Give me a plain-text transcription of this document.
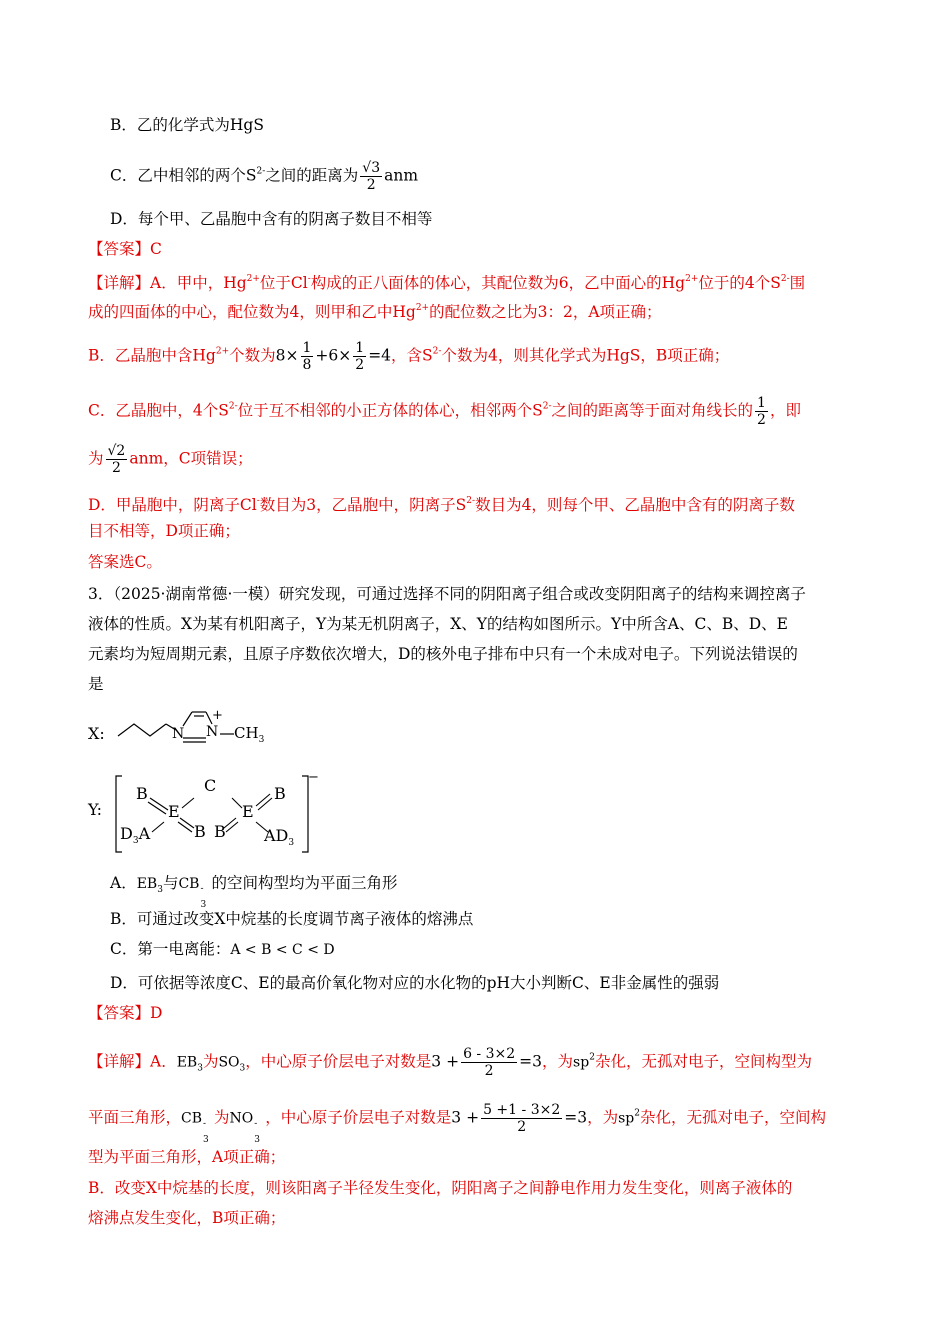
B．乙的化学式为HgS
C．乙中相邻的两个$S^{2-}$之间的距离为 $\frac{√3}{2}$ anm
D．每个甲、乙晶胞中含有的阴离子数目不相等
【答案】C
【详解】A．甲中，$Hg^{2+}$位于Cl-构成的正八面体的体心，其配位数为6，乙中面心的$Hg^{2+}$位于的4个$S^{2-}$围
成的四面体的中心，配位数为4，则甲和乙中$Hg^{2+}$的配位数之比为3：2，A项正确；
B．乙晶胞中含$Hg^{2+}$个数为$8\times \frac{1}{8} +6\times \frac{1}{2} =4$，含$S^{2-}$个数为4，则其化学式为HgS，B项正确；
C．乙晶胞中，4个$S^{2-}$位于互不相邻的小正方体的体心，相邻两个$S^{2-}$之间的距离等于面对角线长的 $\frac{1}{2}$ ，即
为 $\frac{√2}{2}$ anm，C项错误；
D．甲晶胞中，阴离子Cl-数目为3，乙晶胞中，阴离子$S^{2-}$数目为4，则每个甲、乙晶胞中含有的阴离子数
目不相等，D项正确；
答案选C。
3．（2025·湖南常德·一模）研究发现，可通过选择不同的阴阳离子组合或改变阴阳离子的结构来调控离子
液体的性质。X为某有机阳离子，Y为某无机阴离子，X、Y的结构如图所示。Y中所含A、C、B、D、E
元素均为短周期元素，且原子序数依次增大，D的核外电子排布中只有一个未成对电子。下列说法错误的
是
X:	N N
+
$CH_3$
Y:
−
B
E
B
$D_3A$
C
E
B
B $AD_3$
A．$EB_3$与CB -
3
的空间构型均为平面三角形
B．可通过改变X中烷基的长度调节离子液体的熔沸点
C．第一电离能：A < B < C < D
D．可依据等浓度C、E的最高价氧化物对应的水化物的pH大小判断C、E非金属性的强弱
【答案】D
【详解】A．$EB_3$为$SO_3$，中心原子价层电子对数是$3 + \frac{6 - 3\times 2}{2} =3$，为$sp^2$杂化，无孤对电子，空间构型为
平面三角形，CB -
3
为NO -
3
，中心原子价层电子对数是$3 + \frac{5 +1 - 3\times 2}{2} =3$，为$sp^2$杂化，无孤对电子，空间构
型为平面三角形，A项正确；
B．改变X中烷基的长度，则该阳离子半径发生变化，阴阳离子之间静电作用力发生变化，则离子液体的
熔沸点发生变化，B项正确；
